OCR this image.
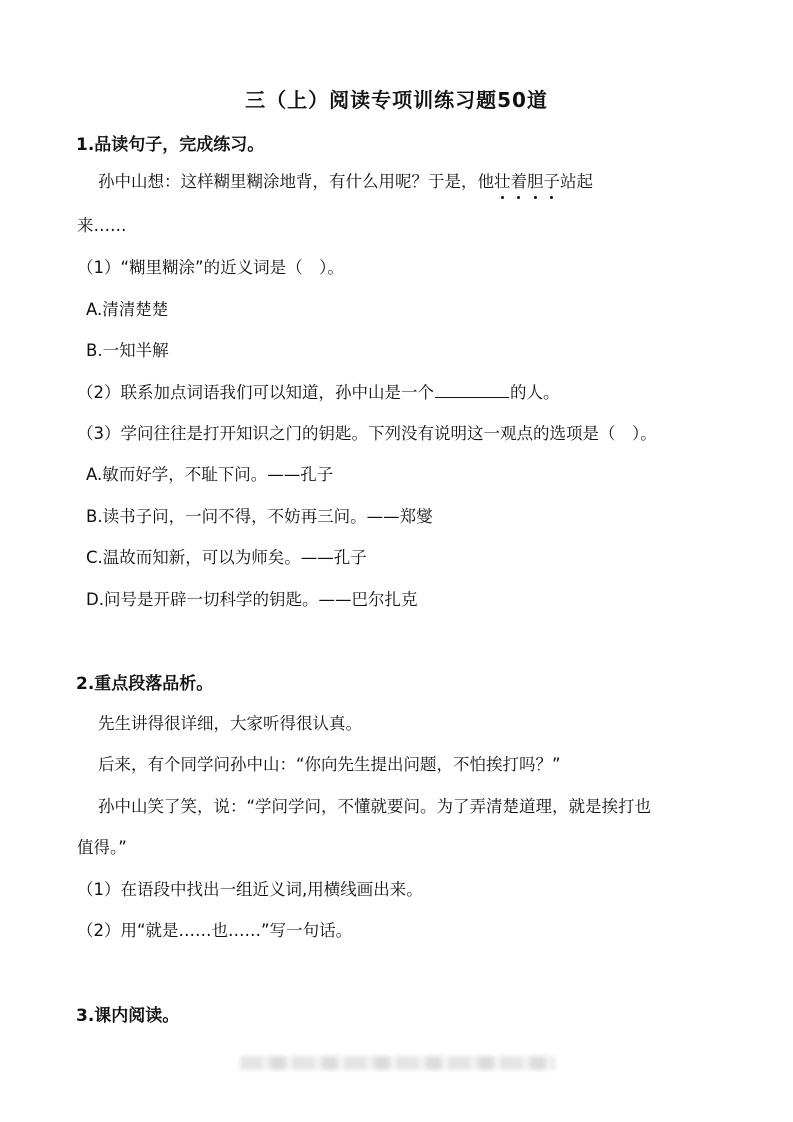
三（上）阅读专项训练习题50道
1.品读句子，完成练习。
孙中山想：这样糊里糊涂地背，有什么用呢？于是，他壮着胆子站起
来……
（1）“糊里糊涂”的近义词是（　）。
A.清清楚楚
B.一知半解
（2）联系加点词语我们可以知道，孙中山是一个	的人。
（3）学问往往是打开知识之门的钥匙。下列没有说明这一观点的选项是（　）。
A.敏而好学，不耻下问。——孔子
B.读书子问，一问不得，不妨再三问。——郑燮
C.温故而知新，可以为师矣。——孔子
D.问号是开辟一切科学的钥匙。——巴尔扎克
2.重点段落品析。
先生讲得很详细，大家听得很认真。
后来，有个同学问孙中山：“你向先生提出问题，不怕挨打吗？”
孙中山笑了笑，说：“学问学问，不懂就要问。为了弄清楚道理，就是挨打也
值得。”
（1）在语段中找出一组近义词,用横线画出来。
（2）用“就是……也……”写一句话。
3.课内阅读。
